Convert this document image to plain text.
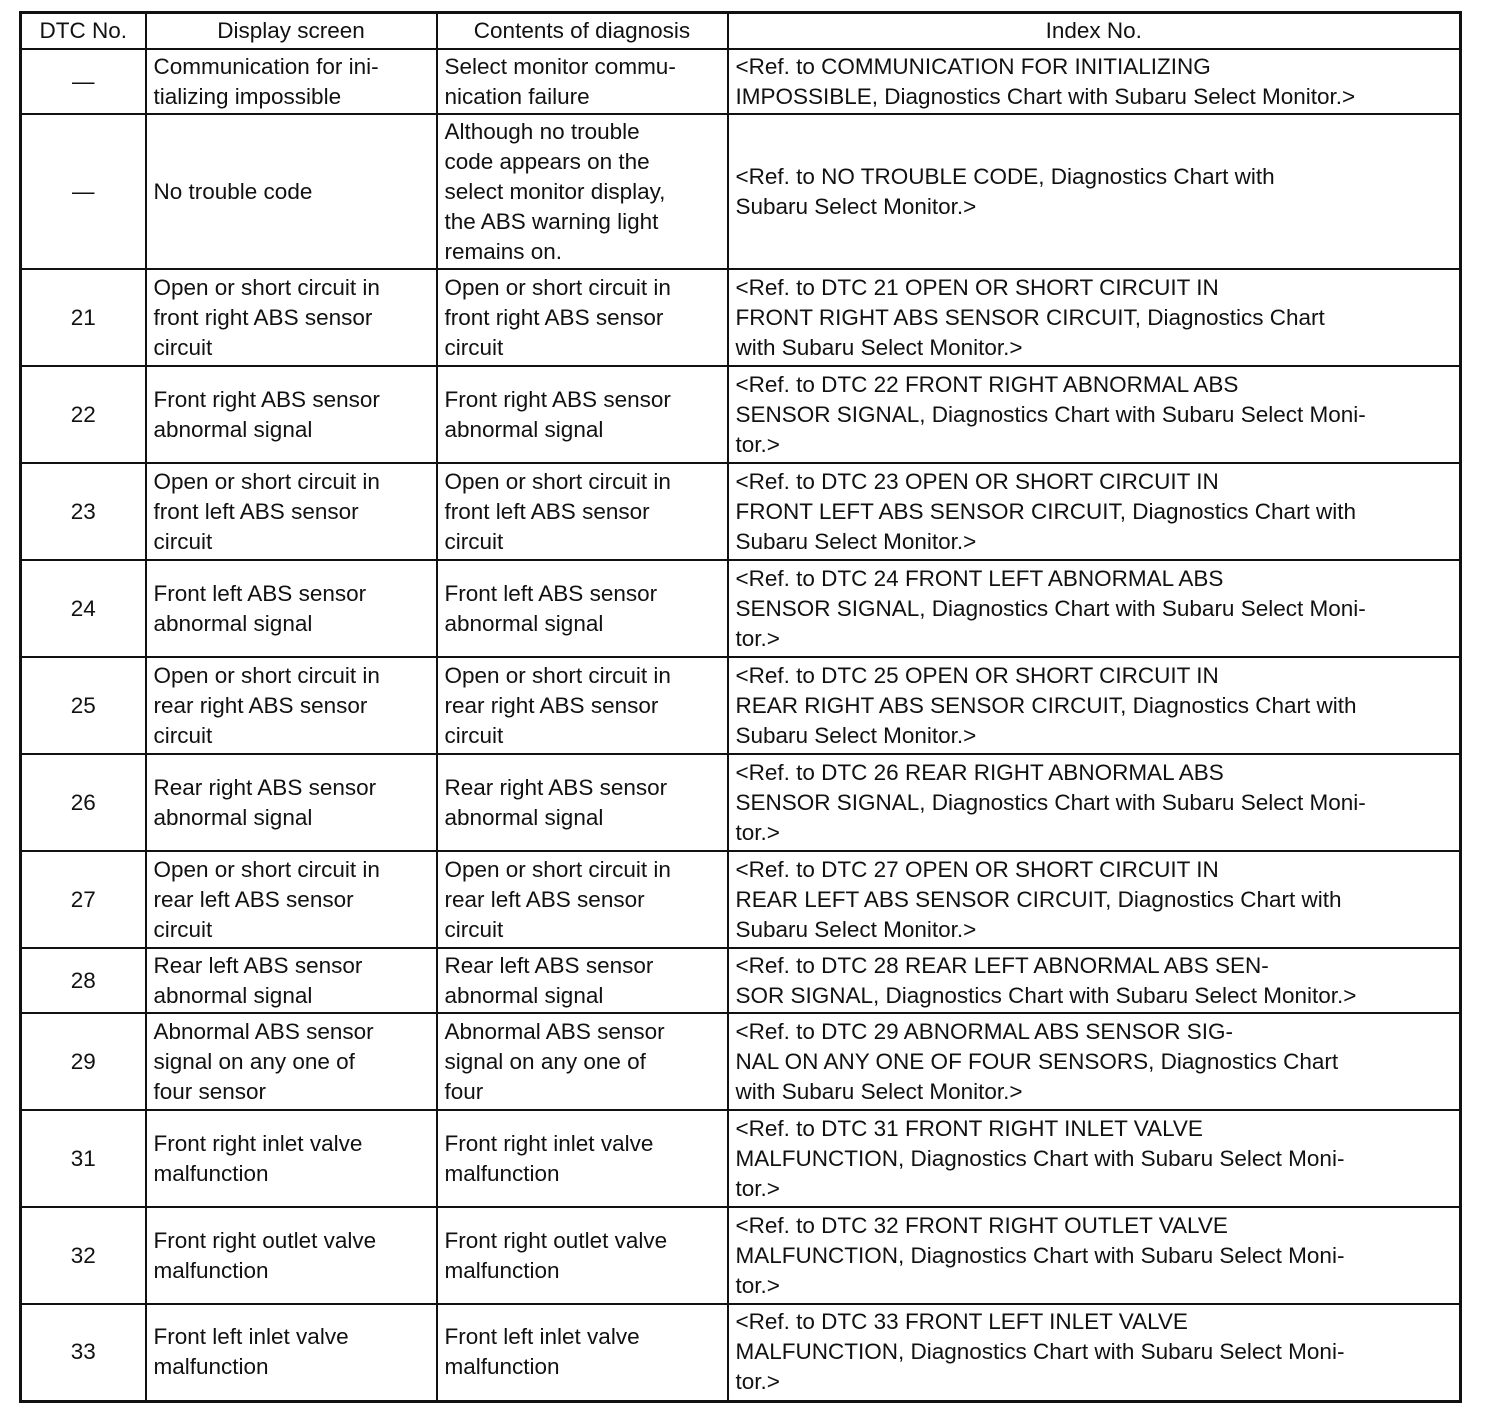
DTC No.	Display screen	Contents of diagnosis	Index No.

—	Communication for ini-
tializing impossible	Select monitor commu-
nication failure	<Ref. to COMMUNICATION FOR INITIALIZING
IMPOSSIBLE, Diagnostics Chart with Subaru Select Monitor.>

—	No trouble code	Although no trouble
code appears on the
select monitor display,
the ABS warning light
remains on.	<Ref. to NO TROUBLE CODE, Diagnostics Chart with
Subaru Select Monitor.>

21	Open or short circuit in
front right ABS sensor
circuit	Open or short circuit in
front right ABS sensor
circuit	<Ref. to DTC 21 OPEN OR SHORT CIRCUIT IN
FRONT RIGHT ABS SENSOR CIRCUIT, Diagnostics Chart
with Subaru Select Monitor.>

22	Front right ABS sensor
abnormal signal	Front right ABS sensor
abnormal signal	<Ref. to DTC 22 FRONT RIGHT ABNORMAL ABS
SENSOR SIGNAL, Diagnostics Chart with Subaru Select Moni-
tor.>

23	Open or short circuit in
front left ABS sensor
circuit	Open or short circuit in
front left ABS sensor
circuit	<Ref. to DTC 23 OPEN OR SHORT CIRCUIT IN
FRONT LEFT ABS SENSOR CIRCUIT, Diagnostics Chart with
Subaru Select Monitor.>

24	Front left ABS sensor
abnormal signal	Front left ABS sensor
abnormal signal	<Ref. to DTC 24 FRONT LEFT ABNORMAL ABS
SENSOR SIGNAL, Diagnostics Chart with Subaru Select Moni-
tor.>

25	Open or short circuit in
rear right ABS sensor
circuit	Open or short circuit in
rear right ABS sensor
circuit	<Ref. to DTC 25 OPEN OR SHORT CIRCUIT IN
REAR RIGHT ABS SENSOR CIRCUIT, Diagnostics Chart with
Subaru Select Monitor.>

26	Rear right ABS sensor
abnormal signal	Rear right ABS sensor
abnormal signal	<Ref. to DTC 26 REAR RIGHT ABNORMAL ABS
SENSOR SIGNAL, Diagnostics Chart with Subaru Select Moni-
tor.>

27	Open or short circuit in
rear left ABS sensor
circuit	Open or short circuit in
rear left ABS sensor
circuit	<Ref. to DTC 27 OPEN OR SHORT CIRCUIT IN
REAR LEFT ABS SENSOR CIRCUIT, Diagnostics Chart with
Subaru Select Monitor.>

28	Rear left ABS sensor
abnormal signal	Rear left ABS sensor
abnormal signal	<Ref. to DTC 28 REAR LEFT ABNORMAL ABS SEN-
SOR SIGNAL, Diagnostics Chart with Subaru Select Monitor.>

29	Abnormal ABS sensor
signal on any one of
four sensor	Abnormal ABS sensor
signal on any one of
four	<Ref. to DTC 29 ABNORMAL ABS SENSOR SIG-
NAL ON ANY ONE OF FOUR SENSORS, Diagnostics Chart
with Subaru Select Monitor.>

31	Front right inlet valve
malfunction	Front right inlet valve
malfunction	<Ref. to DTC 31 FRONT RIGHT INLET VALVE
MALFUNCTION, Diagnostics Chart with Subaru Select Moni-
tor.>

32	Front right outlet valve
malfunction	Front right outlet valve
malfunction	<Ref. to DTC 32 FRONT RIGHT OUTLET VALVE
MALFUNCTION, Diagnostics Chart with Subaru Select Moni-
tor.>

33	Front left inlet valve
malfunction	Front left inlet valve
malfunction	<Ref. to DTC 33 FRONT LEFT INLET VALVE
MALFUNCTION, Diagnostics Chart with Subaru Select Moni-
tor.>
